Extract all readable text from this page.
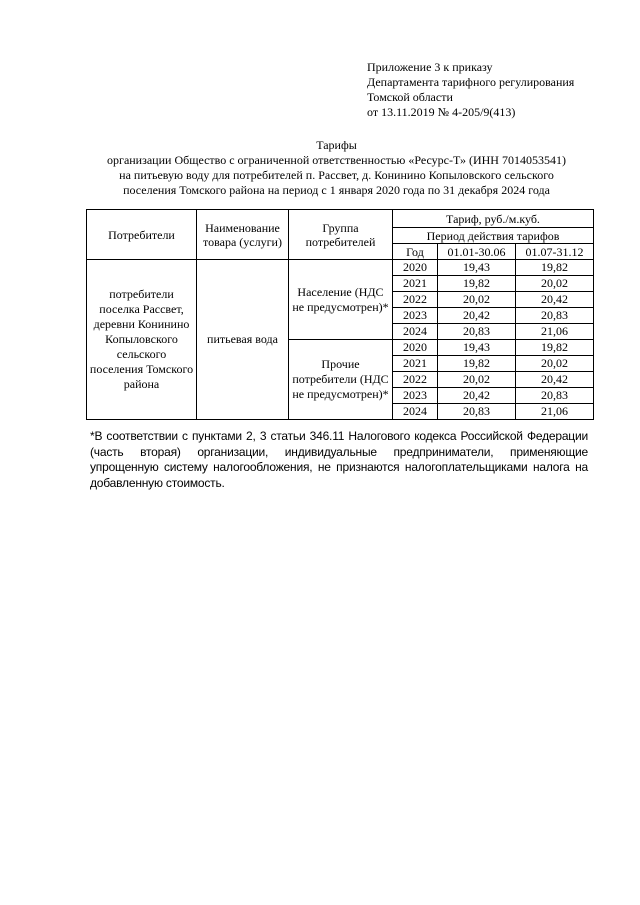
Приложение 3 к приказу
Департамента тарифного регулирования
Томской области
от 13.11.2019 № 4-205/9(413)
Тарифы
организации Общество с ограниченной ответственностью «Ресурс-Т» (ИНН 7014053541)
на питьевую воду для потребителей п. Рассвет, д. Конинино Копыловского сельского
поселения Томского района на период с 1 января 2020 года по 31 декабря 2024 года
Потребители	Наименование товара (услуги)	Группа потребителей	Тариф, руб./м.куб.		
			Период действия тарифов		
			Год	01.01-30.06	01.07-31.12
потребители поселка Рассвет, деревни Конинино Копыловского сельского поселения Томского района	питьевая вода	Население (НДС не предусмотрен)*	2020	19,43	19,82
			2021	19,82	20,02
			2022	20,02	20,42
			2023	20,42	20,83
			2024	20,83	21,06
		Прочие потребители (НДС не предусмотрен)*	2020	19,43	19,82
			2021	19,82	20,02
			2022	20,02	20,42
			2023	20,42	20,83
			2024	20,83	21,06
*В соответствии с пунктами 2, 3 статьи 346.11 Налогового кодекса Российской Федерации (часть вторая) организации, индивидуальные предприниматели, применяющие упрощенную систему налогообложения, не признаются налогоплательщиками налога на добавленную стоимость.
